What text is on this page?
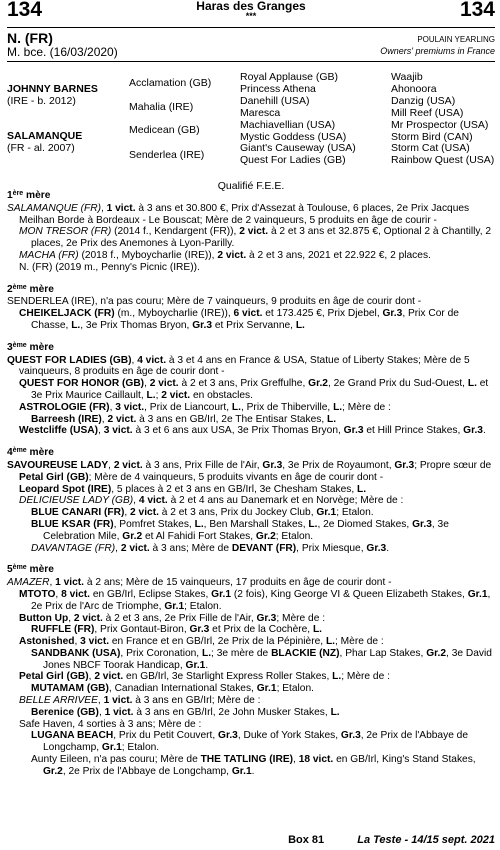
134	Haras des Granges
***	134
N. (FR)
M. bce. (16/03/2020)
POULAIN YEARLING
Owners' premiums in France
JOHNNY BARNES
(IRE - b. 2012)
SALAMANQUE
(FR - al. 2007)
Acclamation (GB)
Mahalia (IRE)
Medicean (GB)
Senderlea (IRE)
Royal Applause (GB)
Princess Athena
Danehill (USA)
Maresca
Machiavellian (USA)
Mystic Goddess (USA)
Giant's Causeway (USA)
Quest For Ladies (GB)
Waajib
Ahonoora
Danzig (USA)
Mill Reef (USA)
Mr Prospector (USA)
Storm Bird (CAN)
Storm Cat (USA)
Rainbow Quest (USA)
Qualifié F.E.E.

1ère mère

SALAMANQUE (FR), 1 vict. à 3 ans et 30.800 €, Prix d'Assezat à Toulouse, 6 places, 2e Prix Jacques Meilhan Borde à Bordeaux - Le Bouscat; Mère de 2 vainqueurs, 5 produits en âge de courir -

MON TRESOR (FR) (2014 f., Kendargent (FR)), 2 vict. à 2 et 3 ans et 32.875 €, Optional 2 à Chantilly, 2 places, 2e Prix des Anemones à Lyon-Parilly.

MACHA (FR) (2018 f., Myboycharlie (IRE)), 2 vict. à 2 et 3 ans, 2021 et 22.922 €, 2 places.

N. (FR) (2019 m., Penny's Picnic (IRE)).

2ème mère

SENDERLEA (IRE), n'a pas couru; Mère de 7 vainqueurs, 9 produits en âge de courir dont -

CHEIKELJACK (FR) (m., Myboycharlie (IRE)), 6 vict. et 173.425 €, Prix Djebel, Gr.3, Prix Cor de Chasse, L., 3e Prix Thomas Bryon, Gr.3 et Prix Servanne, L.

3ème mère

QUEST FOR LADIES (GB), 4 vict. à 3 et 4 ans en France & USA, Statue of Liberty Stakes; Mère de 5 vainqueurs, 8 produits en âge de courir dont -

QUEST FOR HONOR (GB), 2 vict. à 2 et 3 ans, Prix Greffulhe, Gr.2, 2e Grand Prix du Sud-Ouest, L. et 3e Prix Maurice Caillault, L.; 2 vict. en obstacles.

ASTROLOGIE (FR), 3 vict., Prix de Liancourt, L., Prix de Thiberville, L.; Mère de :

Barreesh (IRE), 2 vict. à 3 ans en GB/Irl, 2e The Entisar Stakes, L.

Westcliffe (USA), 3 vict. à 3 et 6 ans aux USA, 3e Prix Thomas Bryon, Gr.3 et Hill Prince Stakes, Gr.3.

4ème mère

SAVOUREUSE LADY, 2 vict. à 3 ans, Prix Fille de l'Air, Gr.3, 3e Prix de Royaumont, Gr.3; Propre sœur de Petal Girl (GB); Mère de 4 vainqueurs, 5 produits vivants en âge de courir dont -

Leopard Spot (IRE), 5 places à 2 et 3 ans en GB/Irl, 3e Chesham Stakes, L.

DELICIEUSE LADY (GB), 4 vict. à 2 et 4 ans au Danemark et en Norvège; Mère de :

BLUE CANARI (FR), 2 vict. à 2 et 3 ans, Prix du Jockey Club, Gr.1; Etalon.

BLUE KSAR (FR), Pomfret Stakes, L., Ben Marshall Stakes, L., 2e Diomed Stakes, Gr.3, 3e Celebration Mile, Gr.2 et Al Fahidi Fort Stakes, Gr.2; Etalon.

DAVANTAGE (FR), 2 vict. à 3 ans; Mère de DEVANT (FR), Prix Miesque, Gr.3.

5ème mère

AMAZER, 1 vict. à 2 ans; Mère de 15 vainqueurs, 17 produits en âge de courir dont -

MTOTO, 8 vict. en GB/Irl, Eclipse Stakes, Gr.1 (2 fois), King George VI & Queen Elizabeth Stakes, Gr.1, 2e Prix de l'Arc de Triomphe, Gr.1; Etalon.

Button Up, 2 vict. à 2 et 3 ans, 2e Prix Fille de l'Air, Gr.3; Mère de :

RUFFLE (FR), Prix Gontaut-Biron, Gr.3 et Prix de la Cochère, L.

Astonished, 3 vict. en France et en GB/Irl, 2e Prix de la Pépinière, L.; Mère de :

SANDBANK (USA), Prix Coronation, L.; 3e mère de BLACKIE (NZ), Phar Lap Stakes, Gr.2, 3e David Jones NBCF Toorak Handicap, Gr.1.

Petal Girl (GB), 2 vict. en GB/Irl, 3e Starlight Express Roller Stakes, L.; Mère de :

MUTAMAM (GB), Canadian International Stakes, Gr.1; Etalon.

BELLE ARRIVEE, 1 vict. à 3 ans en GB/Irl; Mère de :

Berenice (GB), 1 vict. à 3 ans en GB/Irl, 2e John Musker Stakes, L.

Safe Haven, 4 sorties à 3 ans; Mère de :

LUGANA BEACH, Prix du Petit Couvert, Gr.3, Duke of York Stakes, Gr.3, 2e Prix de l'Abbaye de Longchamp, Gr.1; Etalon.

Aunty Eileen, n'a pas couru; Mère de THE TATLING (IRE), 18 vict. en GB/Irl, King's Stand Stakes, Gr.2, 2e Prix de l'Abbaye de Longchamp, Gr.1.

Box 81	La Teste - 14/15 sept. 2021
